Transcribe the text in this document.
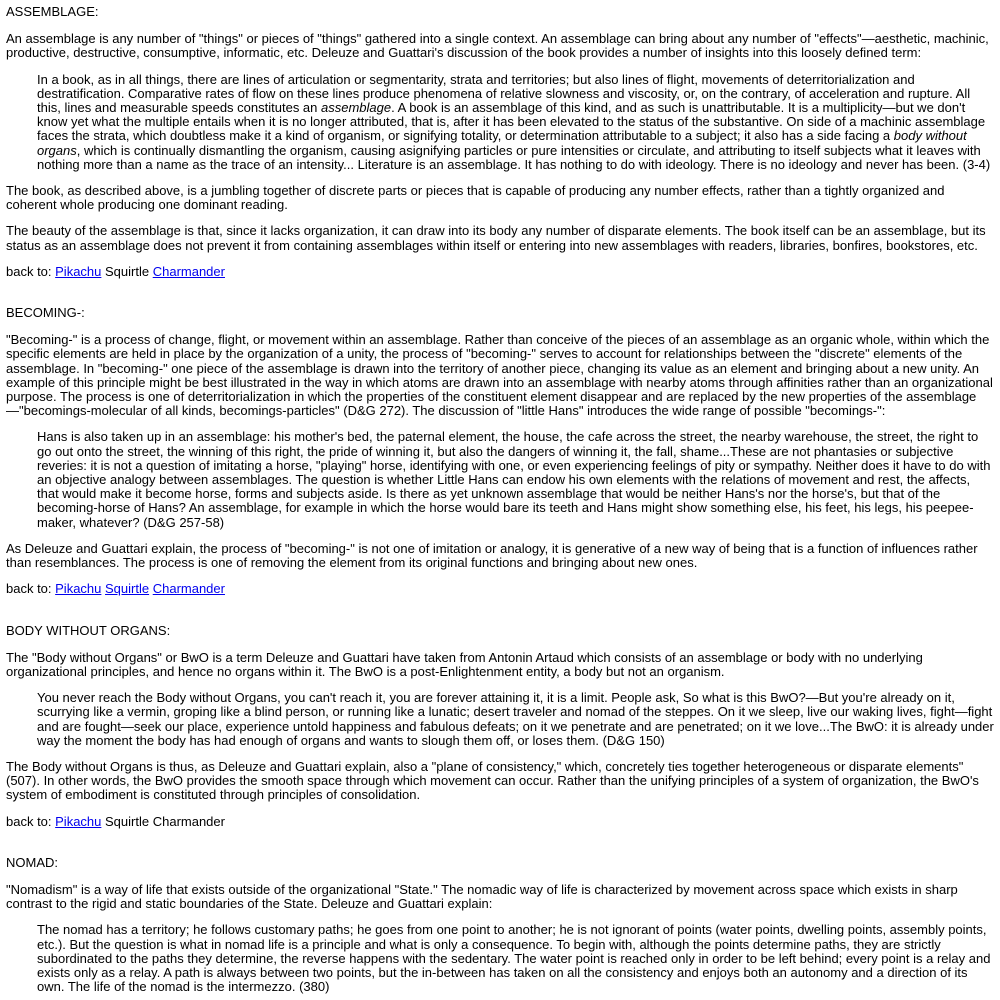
ASSEMBLAGE:

An assemblage is any number of "things" or pieces of "things" gathered into a single context. An assemblage can bring about any number of "effects"—aesthetic, machinic, productive, destructive, consumptive, informatic, etc. Deleuze and Guattari's discussion of the book provides a number of insights into this loosely defined term:

In a book, as in all things, there are lines of articulation or segmentarity, strata and territories; but also lines of flight, movements of deterritorialization and destratification. Comparative rates of flow on these lines produce phenomena of relative slowness and viscosity, or, on the contrary, of acceleration and rupture. All this, lines and measurable speeds constitutes an assemblage. A book is an assemblage of this kind, and as such is unattributable. It is a multiplicity—but we don't know yet what the multiple entails when it is no longer attributed, that is, after it has been elevated to the status of the substantive. On side of a machinic assemblage faces the strata, which doubtless make it a kind of organism, or signifying totality, or determination attributable to a subject; it also has a side facing a body without organs, which is continually dismantling the organism, causing asignifying particles or pure intensities or circulate, and attributing to itself subjects what it leaves with nothing more than a name as the trace of an intensity... Literature is an assemblage. It has nothing to do with ideology. There is no ideology and never has been. (3-4)

The book, as described above, is a jumbling together of discrete parts or pieces that is capable of producing any number effects, rather than a tightly organized and coherent whole producing one dominant reading.

The beauty of the assemblage is that, since it lacks organization, it can draw into its body any number of disparate elements. The book itself can be an assemblage, but its status as an assemblage does not prevent it from containing assemblages within itself or entering into new assemblages with readers, libraries, bonfires, bookstores, etc.

back to: Pikachu Squirtle Charmander
BECOMING-:

"Becoming-" is a process of change, flight, or movement within an assemblage. Rather than conceive of the pieces of an assemblage as an organic whole, within which the specific elements are held in place by the organization of a unity, the process of "becoming-" serves to account for relationships between the "discrete" elements of the assemblage. In "becoming-" one piece of the assemblage is drawn into the territory of another piece, changing its value as an element and bringing about a new unity. An example of this principle might be best illustrated in the way in which atoms are drawn into an assemblage with nearby atoms through affinities rather than an organizational purpose. The process is one of deterritorialization in which the properties of the constituent element disappear and are replaced by the new properties of the assemblage—"becomings-molecular of all kinds, becomings-particles" (D&G 272). The discussion of "little Hans" introduces the wide range of possible "becomings-":

Hans is also taken up in an assemblage: his mother's bed, the paternal element, the house, the cafe across the street, the nearby warehouse, the street, the right to go out onto the street, the winning of this right, the pride of winning it, but also the dangers of winning it, the fall, shame...These are not phantasies or subjective reveries: it is not a question of imitating a horse, "playing" horse, identifying with one, or even experiencing feelings of pity or sympathy. Neither does it have to do with an objective analogy between assemblages. The question is whether Little Hans can endow his own elements with the relations of movement and rest, the affects, that would make it become horse, forms and subjects aside. Is there as yet unknown assemblage that would be neither Hans's nor the horse's, but that of the becoming-horse of Hans? An assemblage, for example in which the horse would bare its teeth and Hans might show something else, his feet, his legs, his peepee-maker, whatever? (D&G 257-58)

As Deleuze and Guattari explain, the process of "becoming-" is not one of imitation or analogy, it is generative of a new way of being that is a function of influences rather than resemblances. The process is one of removing the element from its original functions and bringing about new ones.

back to: Pikachu Squirtle Charmander
BODY WITHOUT ORGANS:

The "Body without Organs" or BwO is a term Deleuze and Guattari have taken from Antonin Artaud which consists of an assemblage or body with no underlying organizational principles, and hence no organs within it. The BwO is a post-Enlightenment entity, a body but not an organism.

You never reach the Body without Organs, you can't reach it, you are forever attaining it, it is a limit. People ask, So what is this BwO?—But you're already on it, scurrying like a vermin, groping like a blind person, or running like a lunatic; desert traveler and nomad of the steppes. On it we sleep, live our waking lives, fight—fight and are fought—seek our place, experience untold happiness and fabulous defeats; on it we penetrate and are penetrated; on it we love...The BwO: it is already under way the moment the body has had enough of organs and wants to slough them off, or loses them. (D&G 150)

The Body without Organs is thus, as Deleuze and Guattari explain, also a "plane of consistency," which, concretely ties together heterogeneous or disparate elements" (507). In other words, the BwO provides the smooth space through which movement can occur. Rather than the unifying principles of a system of organization, the BwO's system of embodiment is constituted through principles of consolidation.

back to: Pikachu Squirtle Charmander
NOMAD:

"Nomadism" is a way of life that exists outside of the organizational "State." The nomadic way of life is characterized by movement across space which exists in sharp contrast to the rigid and static boundaries of the State. Deleuze and Guattari explain:

The nomad has a territory; he follows customary paths; he goes from one point to another; he is not ignorant of points (water points, dwelling points, assembly points, etc.). But the question is what in nomad life is a principle and what is only a consequence. To begin with, although the points determine paths, they are strictly subordinated to the paths they determine, the reverse happens with the sedentary. The water point is reached only in order to be left behind; every point is a relay and exists only as a relay. A path is always between two points, but the in-between has taken on all the consistency and enjoys both an autonomy and a direction of its own. The life of the nomad is the intermezzo. (380)
